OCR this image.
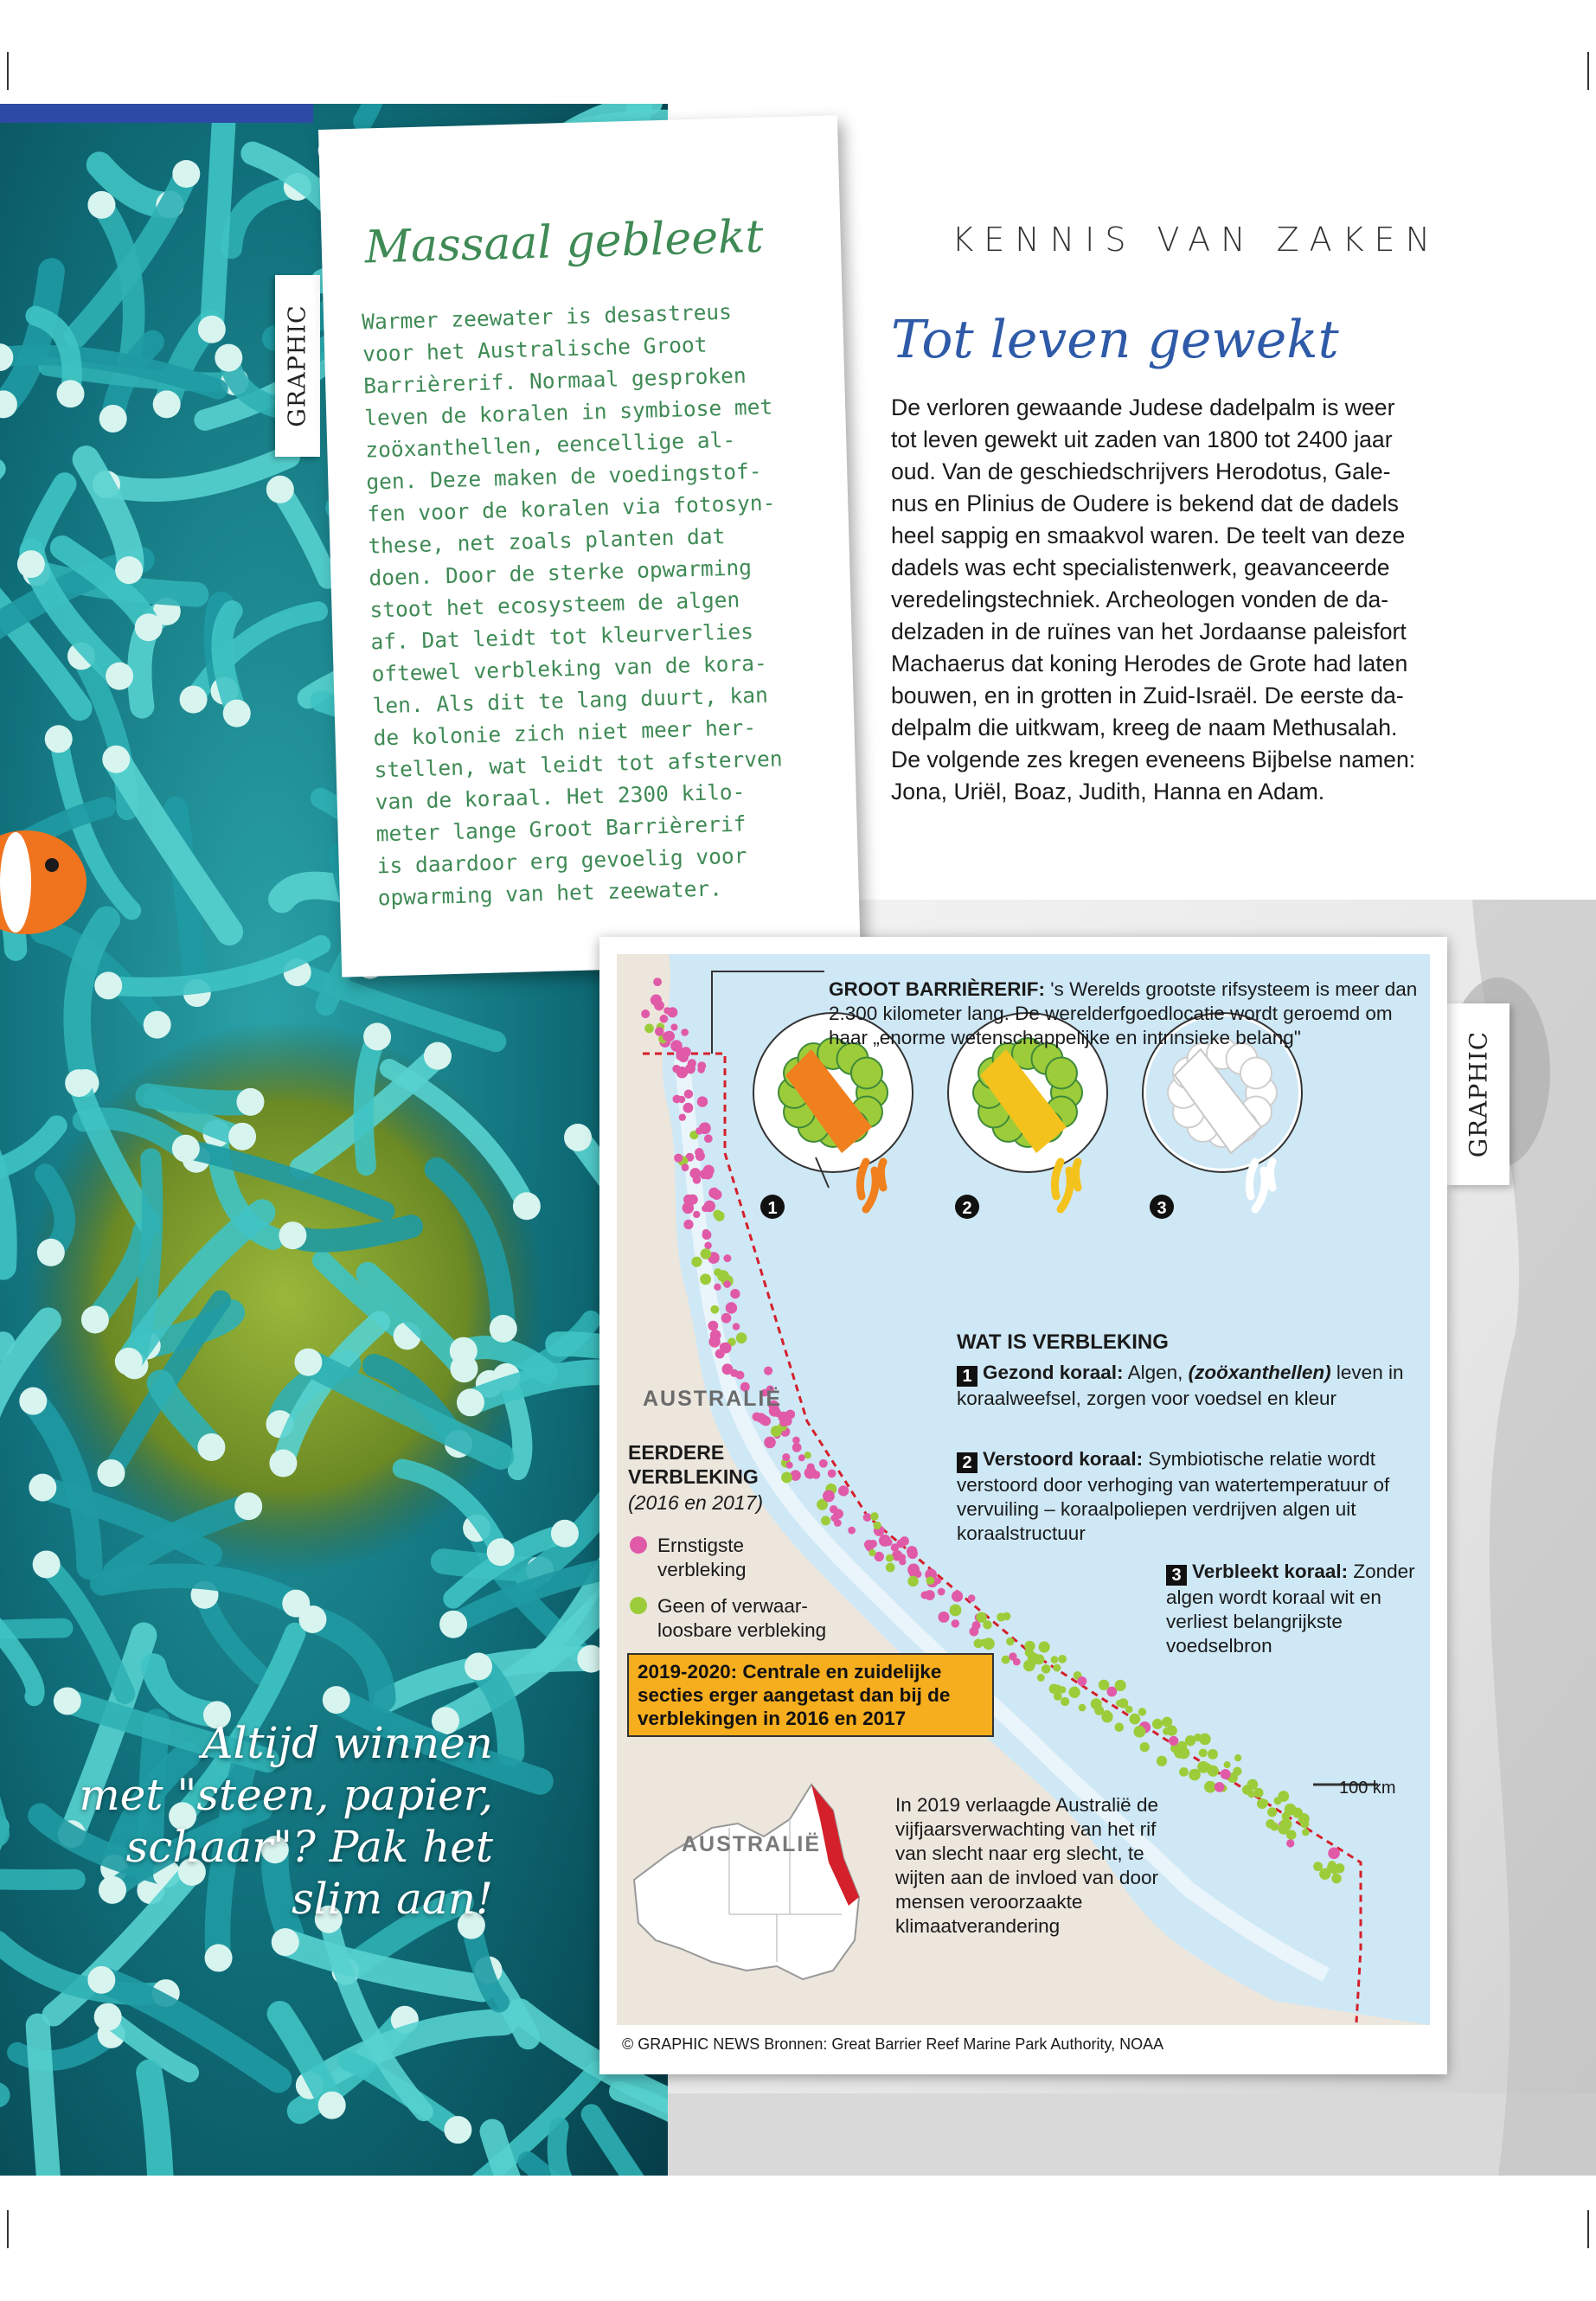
Altijd winnen
met "steen, papier,
schaar"? Pak het
slim aan!
GRAPHIC
Massaal gebleekt
Warmer zeewater is desastreus
voor het Australische Groot
Barrièrerif. Normaal gesproken
leven de koralen in symbiose met
zoöxanthellen, eencellige al-
gen. Deze maken de voedingstof-
fen voor de koralen via fotosyn-
these, net zoals planten dat
doen. Door de sterke opwarming
stoot het ecosysteem de algen
af. Dat leidt tot kleurverlies
oftewel verbleking van de kora-
len. Als dit te lang duurt, kan
de kolonie zich niet meer her-
stellen, wat leidt tot afsterven
van de koraal. Het 2300 kilo-
meter lange Groot Barrièrerif
is daardoor erg gevoelig voor
opwarming van het zeewater.
KENNIS VAN ZAKEN
Tot leven gewekt
De verloren gewaande Judese dadelpalm is weer
tot leven gewekt uit zaden van 1800 tot 2400 jaar
oud. Van de geschiedschrijvers Herodotus, Gale-
nus en Plinius de Oudere is bekend dat de dadels
heel sappig en smaakvol waren. De teelt van deze
dadels was echt specialistenwerk, geavanceerde
veredelingstechniek. Archeologen vonden de da-
delzaden in de ruïnes van het Jordaanse paleisfort
Machaerus dat koning Herodes de Grote had laten
bouwen, en in grotten in Zuid-Israël. De eerste da-
delpalm die uitkwam, kreeg de naam Methusalah.
De volgende zes kregen eveneens Bijbelse namen:
Jona, Uriël, Boaz, Judith, Hanna en Adam.
GRAPHIC
1	2	3
GROOT BARRIÈRERIF: 's Werelds grootste rifsysteem is meer dan 2.300 kilometer lang. De werelderfgoedlocatie wordt geroemd om haar „enorme wetenschappelijke en intrinsieke belang"
WAT IS VERBLEKING
1 Gezond koraal: Algen, (zoöxanthellen) leven in koraalweefsel, zorgen voor voedsel en kleur
2 Verstoord koraal: Symbiotische relatie wordt verstoord door verhoging van watertemperatuur of vervuiling – koraalpoliepen verdrijven algen uit koraalstructuur
3 Verbleekt koraal: Zonder algen wordt koraal wit en verliest belangrijkste voedselbron
AUSTRALIË
EERDERE VERBLEKING
(2016 en 2017)
Ernstigste verbleking
Geen of verwaar-loosbare verbleking
2019-2020: Centrale en zuidelijke secties erger aangetast dan bij de verblekingen in 2016 en 2017
100 km
In 2019 verlaagde Australië de vijfjaarsverwachting van het rif van slecht naar erg slecht, te wijten aan de invloed van door mensen veroorzaakte klimaatverandering
AUSTRALIË
© GRAPHIC NEWS Bronnen: Great Barrier Reef Marine Park Authority, NOAA
